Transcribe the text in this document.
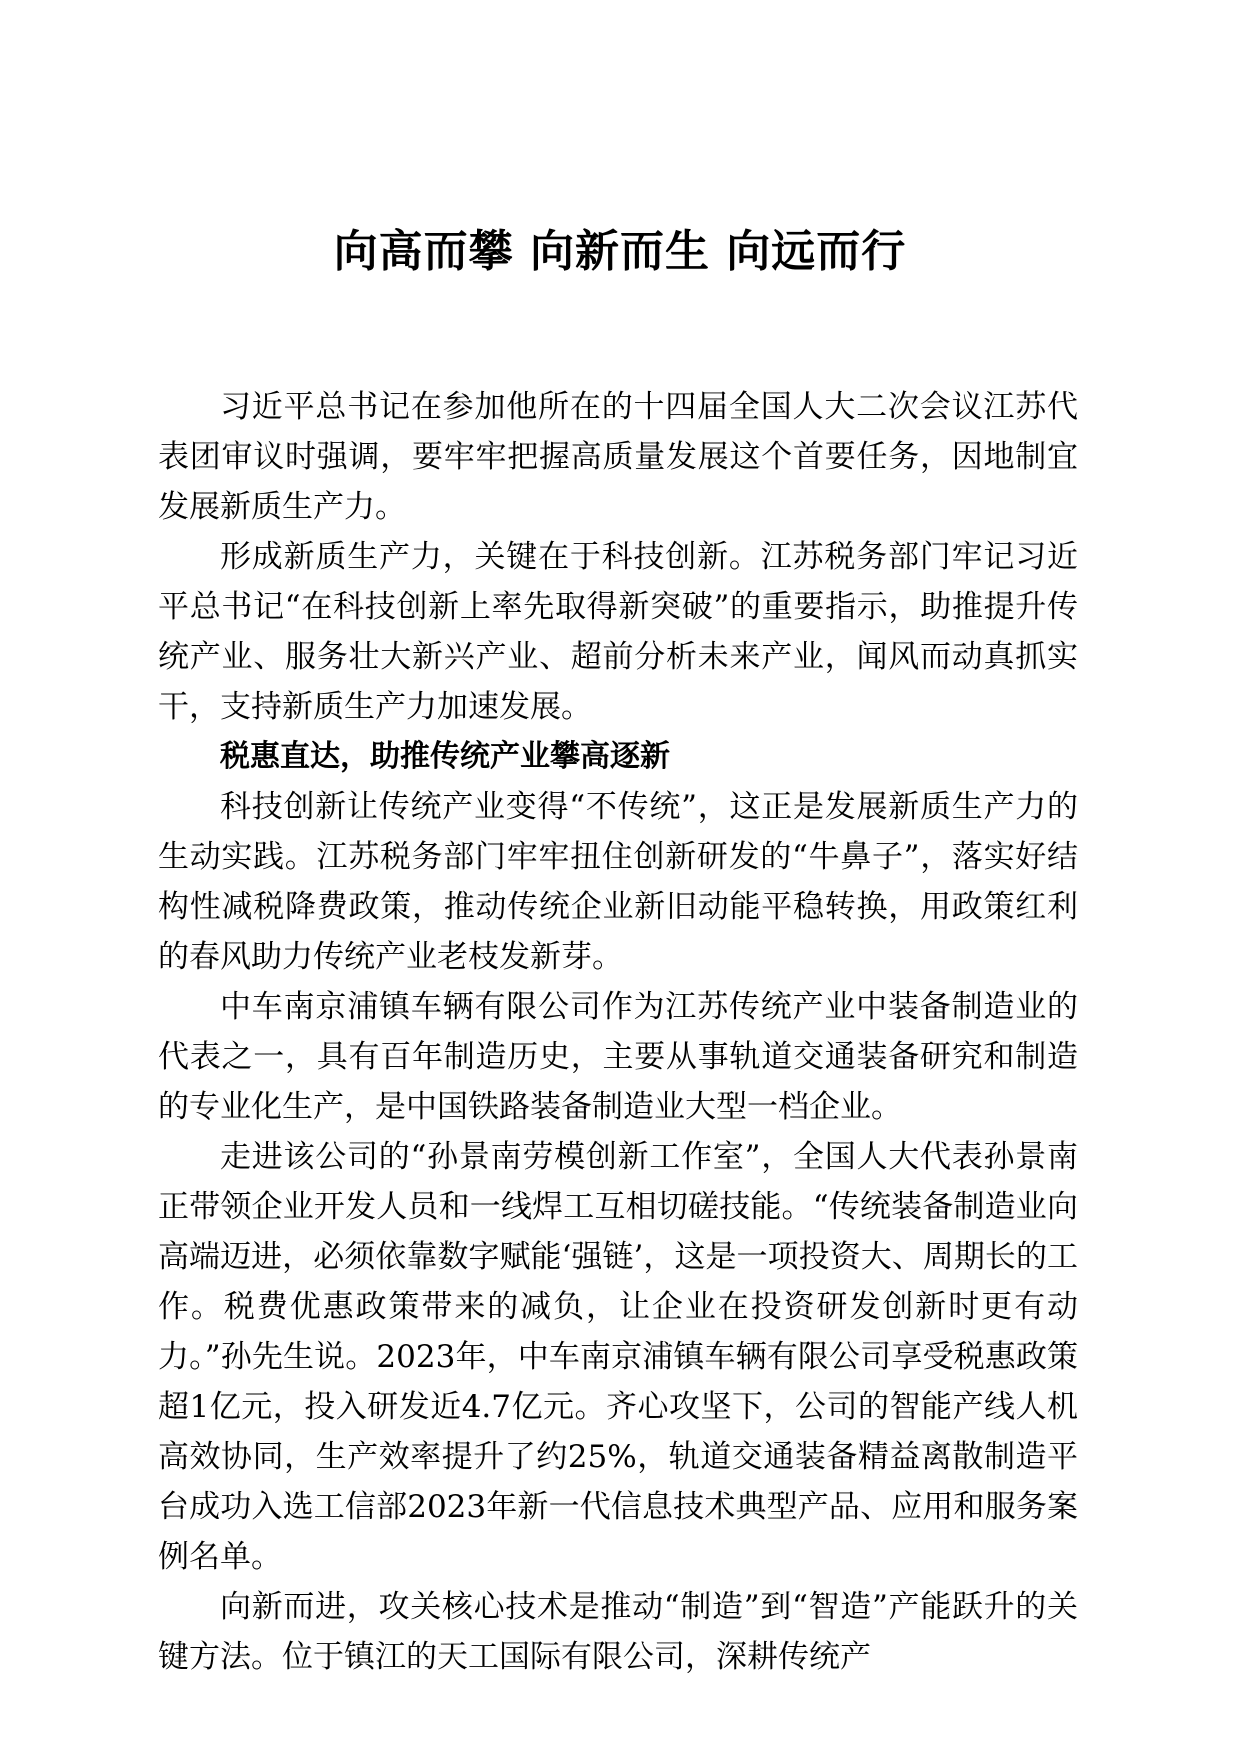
向高而攀 向新而生 向远而行

习近平总书记在参加他所在的十四届全国人大二次会议江苏代表团审议时强调，要牢牢把握高质量发展这个首要任务，因地制宜发展新质生产力。

形成新质生产力，关键在于科技创新。江苏税务部门牢记习近平总书记“在科技创新上率先取得新突破”的重要指示，助推提升传统产业、服务壮大新兴产业、超前分析未来产业，闻风而动真抓实干，支持新质生产力加速发展。

税惠直达，助推传统产业攀高逐新

科技创新让传统产业变得“不传统”，这正是发展新质生产力的生动实践。江苏税务部门牢牢扭住创新研发的“牛鼻子”，落实好结构性减税降费政策，推动传统企业新旧动能平稳转换，用政策红利的春风助力传统产业老枝发新芽。

中车南京浦镇车辆有限公司作为江苏传统产业中装备制造业的代表之一，具有百年制造历史，主要从事轨道交通装备研究和制造的专业化生产，是中国铁路装备制造业大型一档企业。

走进该公司的“孙景南劳模创新工作室”，全国人大代表孙景南正带领企业开发人员和一线焊工互相切磋技能。“传统装备制造业向高端迈进，必须依靠数字赋能‘强链’，这是一项投资大、周期长的工作。税费优惠政策带来的减负，让企业在投资研发创新时更有动力。”孙先生说。2023年，中车南京浦镇车辆有限公司享受税惠政策超1亿元，投入研发近4.7亿元。齐心攻坚下，公司的智能产线人机高效协同，生产效率提升了约25%，轨道交通装备精益离散制造平台成功入选工信部2023年新一代信息技术典型产品、应用和服务案例名单。

向新而进，攻关核心技术是推动“制造”到“智造”产能跃升的关键方法。位于镇江的天工国际有限公司，深耕传统产
